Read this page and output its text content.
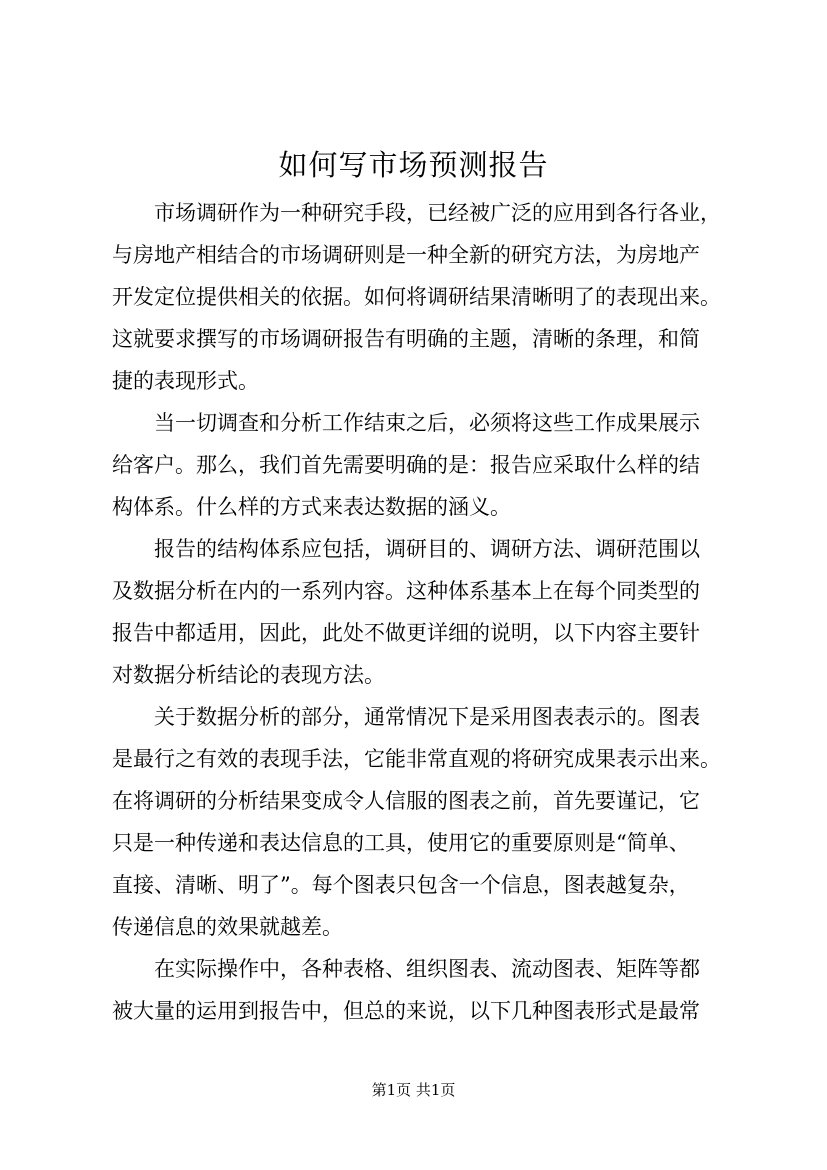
如何写市场预测报告
　　市场调研作为一种研究手段，已经被广泛的应用到各行各业，
与房地产相结合的市场调研则是一种全新的研究方法，为房地产
开发定位提供相关的依据。如何将调研结果清晰明了的表现出来。
这就要求撰写的市场调研报告有明确的主题，清晰的条理，和简
捷的表现形式。
　　当一切调查和分析工作结束之后，必须将这些工作成果展示
给客户。那么，我们首先需要明确的是：报告应采取什么样的结
构体系。什么样的方式来表达数据的涵义。
　　报告的结构体系应包括，调研目的、调研方法、调研范围以
及数据分析在内的一系列内容。这种体系基本上在每个同类型的
报告中都适用，因此，此处不做更详细的说明，以下内容主要针
对数据分析结论的表现方法。
　　关于数据分析的部分，通常情况下是采用图表表示的。图表
是最行之有效的表现手法，它能非常直观的将研究成果表示出来。
在将调研的分析结果变成令人信服的图表之前，首先要谨记，它
只是一种传递和表达信息的工具，使用它的重要原则是“简单、
直接、清晰、明了”。每个图表只包含一个信息，图表越复杂，
传递信息的效果就越差。
　　在实际操作中，各种表格、组织图表、流动图表、矩阵等都
被大量的运用到报告中，但总的来说，以下几种图表形式是最常
第1页 共1页
